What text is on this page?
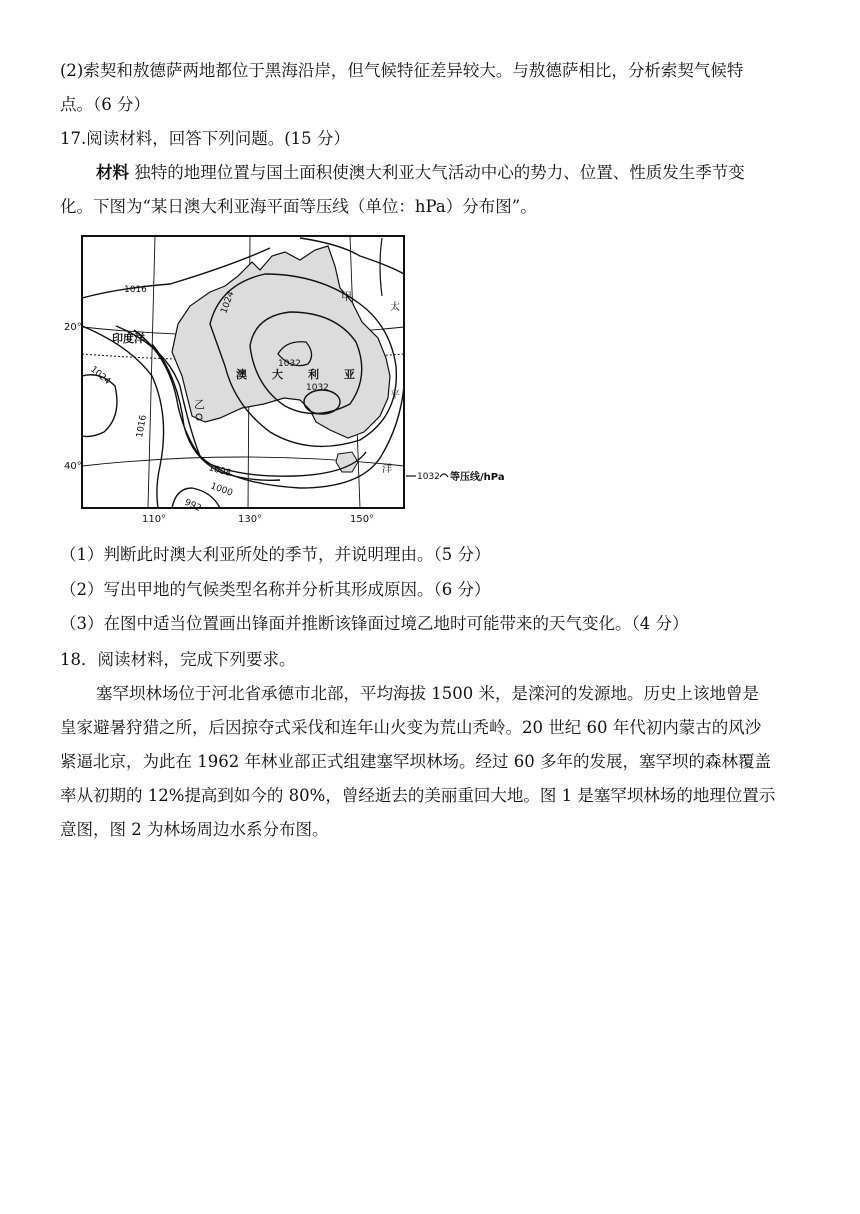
(2)索契和敖德萨两地都位于黑海沿岸，但气候特征差异较大。与敖德萨相比，分析索契气候特
点。（6 分）
17.阅读材料，回答下列问题。(15 分）
材料 独特的地理位置与国土面积使澳大利亚大气活动中心的势力、位置、性质发生季节变
化。下图为“某日澳大利亚海平面等压线（单位：hPa）分布图”。
20°
40°
110°	130°	150°
印度洋
澳 大 利 亚
太
平
洋
甲
乙
1016
1024
1032
1032
1024
1016
1008
1000
992
1032 等压线/hPa
（1）判断此时澳大利亚所处的季节，并说明理由。（5 分）
（2）写出甲地的气候类型名称并分析其形成原因。（6 分）
（3）在图中适当位置画出锋面并推断该锋面过境乙地时可能带来的天气变化。（4 分）
18．阅读材料，完成下列要求。
塞罕坝林场位于河北省承德市北部，平均海拔 1500 米，是滦河的发源地。历史上该地曾是
皇家避暑狩猎之所，后因掠夺式采伐和连年山火变为荒山秃岭。20 世纪 60 年代初内蒙古的风沙
紧逼北京，为此在 1962 年林业部正式组建塞罕坝林场。经过 60 多年的发展，塞罕坝的森林覆盖
率从初期的 12%提高到如今的 80%，曾经逝去的美丽重回大地。图 1 是塞罕坝林场的地理位置示
意图，图 2 为林场周边水系分布图。
